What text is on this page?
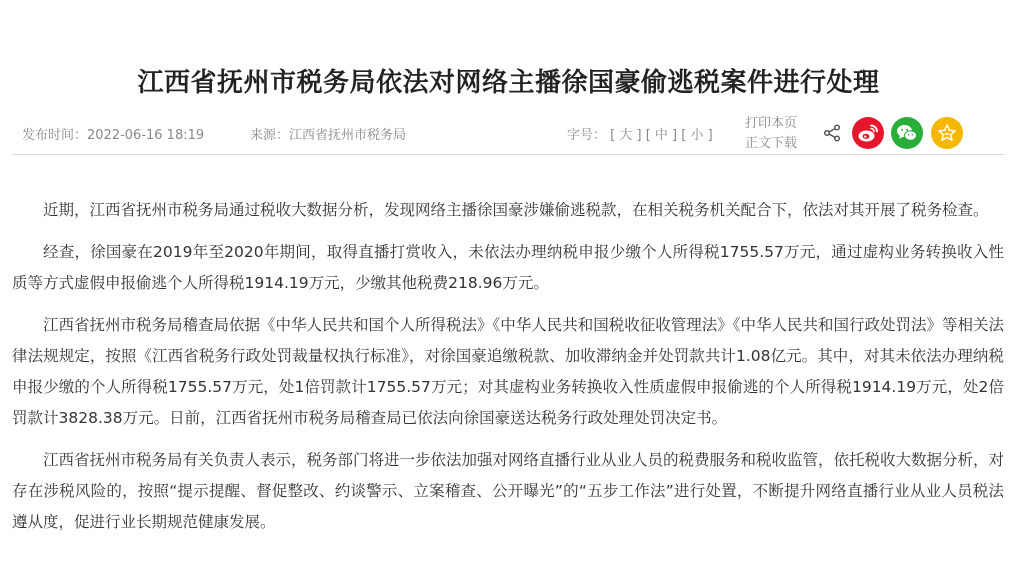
江西省抚州市税务局依法对网络主播徐国豪偷逃税案件进行处理
发布时间：2022-06-16 18:19	来源：江西省抚州市税务局	字号： [ 大 ] [ 中 ] [ 小 ]
打印本页
正文下载

近期，江西省抚州市税务局通过税收大数据分析，发现网络主播徐国豪涉嫌偷逃税款，在相关税务机关配合下，依法对其开展了税务检查。

经查，徐国豪在2019年至2020年期间，取得直播打赏收入，未依法办理纳税申报少缴个人所得税1755.57万元，通过虚构业务转换收入性质等方式虚假申报偷逃个人所得税1914.19万元，少缴其他税费218.96万元。

江西省抚州市税务局稽查局依据《中华人民共和国个人所得税法》《中华人民共和国税收征收管理法》《中华人民共和国行政处罚法》等相关法律法规规定，按照《江西省税务行政处罚裁量权执行标准》，对徐国豪追缴税款、加收滞纳金并处罚款共计1.08亿元。其中，对其未依法办理纳税申报少缴的个人所得税1755.57万元，处1倍罚款计1755.57万元；对其虚构业务转换收入性质虚假申报偷逃的个人所得税1914.19万元，处2倍罚款计3828.38万元。日前，江西省抚州市税务局稽查局已依法向徐国豪送达税务行政处理处罚决定书。

江西省抚州市税务局有关负责人表示，税务部门将进一步依法加强对网络直播行业从业人员的税费服务和税收监管，依托税收大数据分析，对存在涉税风险的，按照“提示提醒、督促整改、约谈警示、立案稽查、公开曝光”的“五步工作法”进行处置，不断提升网络直播行业从业人员税法遵从度，促进行业长期规范健康发展。
